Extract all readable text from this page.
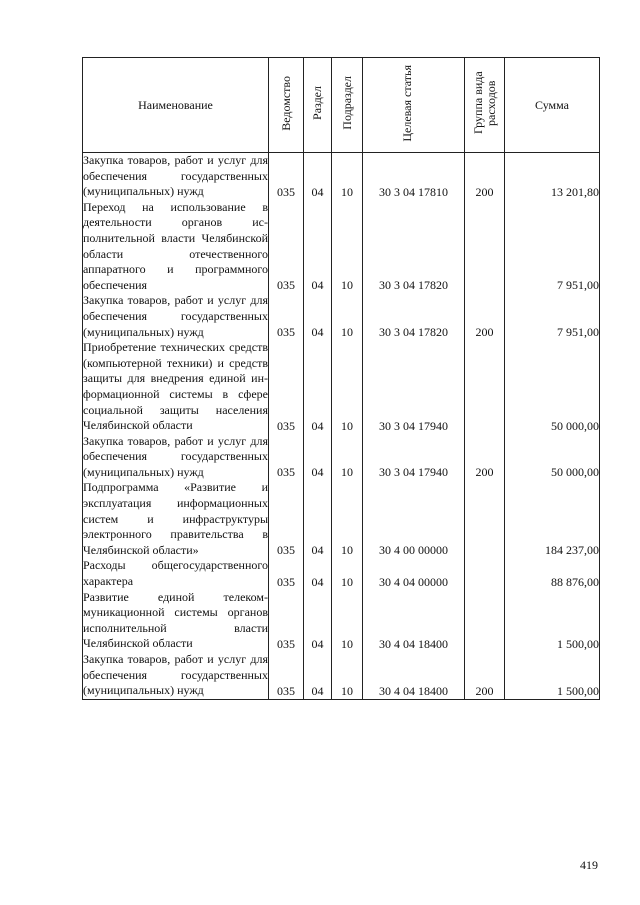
Наименование	Ведомство	Раздел	Подраздел	Целевая статья	Группа вида расходов	Сумма
Закупка товаров, работ и услуг для обеспечения государственных (муниципальных) нужд	035	04	10	30 3 04 17810	200	13 201,80
Переход на использование в деятельности органов исполнительной власти Челябинской области отечественного аппаратного и программного обеспечения	035	04	10	30 3 04 17820		7 951,00
Закупка товаров, работ и услуг для обеспечения государственных (муниципальных) нужд	035	04	10	30 3 04 17820	200	7 951,00
Приобретение технических средств (компьютерной техники) и средств защиты для внедрения единой информационной системы в сфере социальной защиты населения Челябинской области	035	04	10	30 3 04 17940		50 000,00
Закупка товаров, работ и услуг для обеспечения государственных (муниципальных) нужд	035	04	10	30 3 04 17940	200	50 000,00
Подпрограмма «Развитие и эксплуатация информационных систем и инфраструктуры электронного правительства в Челябинской области»	035	04	10	30 4 00 00000		184 237,00
Расходы общегосударственного характера	035	04	10	30 4 04 00000		88 876,00
Развитие единой телекоммуникационной системы органов исполнительной власти Челябинской области	035	04	10	30 4 04 18400		1 500,00
Закупка товаров, работ и услуг для обеспечения государственных (муниципальных) нужд	035	04	10	30 4 04 18400	200	1 500,00
419
